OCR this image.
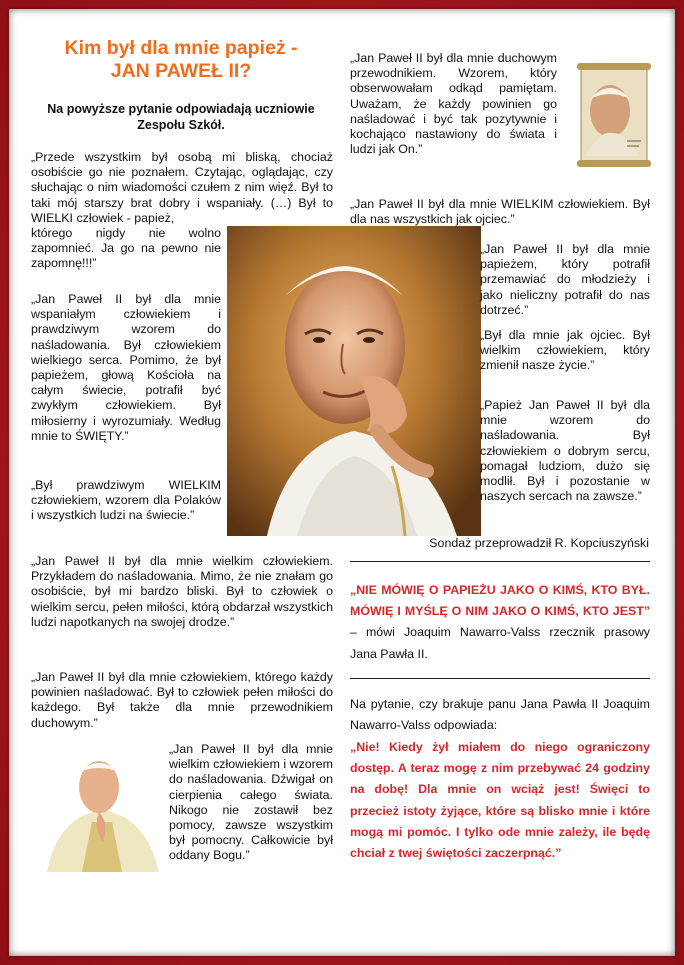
Kim był dla mnie papież -
JAN PAWEŁ II?

Na powyższe pytanie odpowiadają uczniowie Zespołu Szkół.

„Przede wszystkim był osobą mi bliską, chociaż osobiście go nie poznałem. Czytając, oglądając, czy słuchając o nim wiadomości czułem z nim więź. Był to taki mój starszy brat dobry i wspaniały. (…) Był to WIELKI człowiek - papież,

którego nigdy nie wolno zapomnieć. Ja go na pewno nie zapomnę!!!”

„Jan Paweł II był dla mnie wspaniałym człowiekiem i prawdziwym wzorem do naśladowania. Był człowiekiem wielkiego serca. Pomimo, że był papieżem, głową Kościoła na całym świecie, potrafił być zwykłym człowiekiem. Był miłosierny i wyrozumiały. Według mnie to ŚWIĘTY.”

„Był prawdziwym WIELKIM człowiekiem, wzorem dla Polaków i wszystkich ludzi na świecie.”

„Jan Paweł II był dla mnie wielkim człowiekiem. Przykładem do naśladowania. Mimo, że nie znałam go osobiście, był mi bardzo bliski. Był to człowiek o wielkim sercu, pełen miłości, którą obdarzał wszystkich ludzi napotkanych na swojej drodze.”

„Jan Paweł II był dla mnie człowiekiem, którego każdy powinien naśladować. Był to człowiek pełen miłości do każdego. Był także dla mnie przewodnikiem duchowym.”

„Jan Paweł II był dla mnie wielkim człowiekiem i wzorem do naśladowania. Dźwigał on cierpienia całego świata. Nikogo nie zostawił bez pomocy, zawsze wszystkim był pomocny. Całkowicie był oddany Bogu.”

„Jan Paweł II był dla mnie duchowym przewodnikiem. Wzorem, który obserwowałam odkąd pamiętam. Uważam, że każdy powinien go naśladować i być tak pozytywnie i kochająco nastawiony do świata i ludzi jak On.”

„Jan Paweł II był dla mnie WIELKIM człowiekiem. Był dla nas wszystkich jak ojciec.”

„Jan Paweł II był dla mnie papieżem, który potrafił przemawiać do młodzieży i jako nieliczny potrafił do nas dotrzeć.”

„Był dla mnie jak ojciec. Był wielkim człowiekiem, który zmienił nasze życie.”

„Papież Jan Paweł II był dla mnie wzorem do naśladowania. Był człowiekiem o dobrym sercu, pomagał ludziom, dużo się modlił. Był i pozostanie w naszych sercach na zawsze.”

Sondaż przeprowadził R. Kopciuszyński

„NIE MÓWIĘ O PAPIEŻU JAKO O KIMŚ, KTO BYŁ. MÓWIĘ I MYŚLĘ O NIM JAKO O KIMŚ, KTO JEST” – mówi Joaquim Nawarro-Valss rzecznik prasowy Jana Pawła II.

Na pytanie, czy brakuje panu Jana Pawła II Joaquim Nawarro-Valss odpowiada:

„Nie! Kiedy żył miałem do niego ograniczony dostęp. A teraz mogę z nim przebywać 24 godziny na dobę! Dla mnie on wciąż jest! Święci to przecież istoty żyjące, które są blisko mnie i które mogą mi pomóc. I tylko ode mnie zależy, ile będę chciał z twej świętości zaczerpnąć.”
